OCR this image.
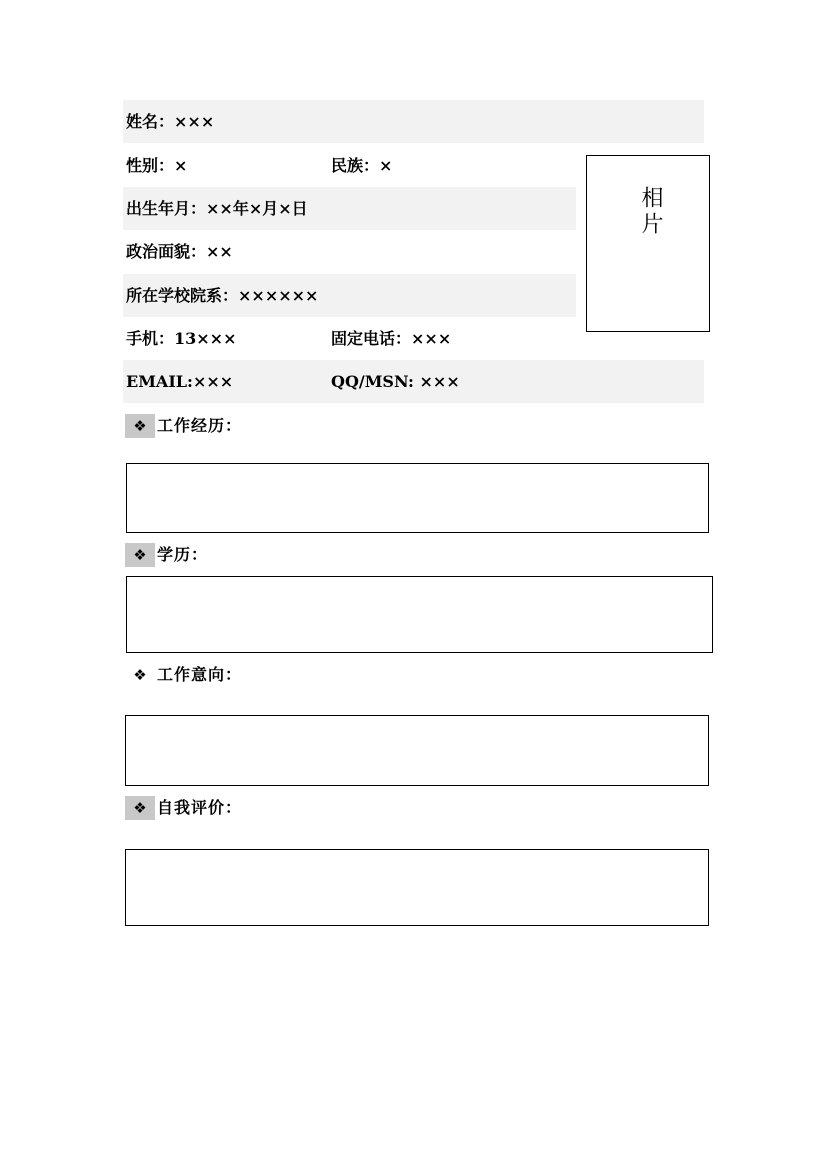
姓名：×××
性别：×	民族：×
出生年月：××年×月×日
政治面貌：××
所在学校院系：××××××
手机：13×××	固定电话：×××
EMAIL:×××	QQ/MSN: ×××
相片
❖ 工作经历：
❖ 学历：
❖ 工作意向：
❖ 自我评价：
